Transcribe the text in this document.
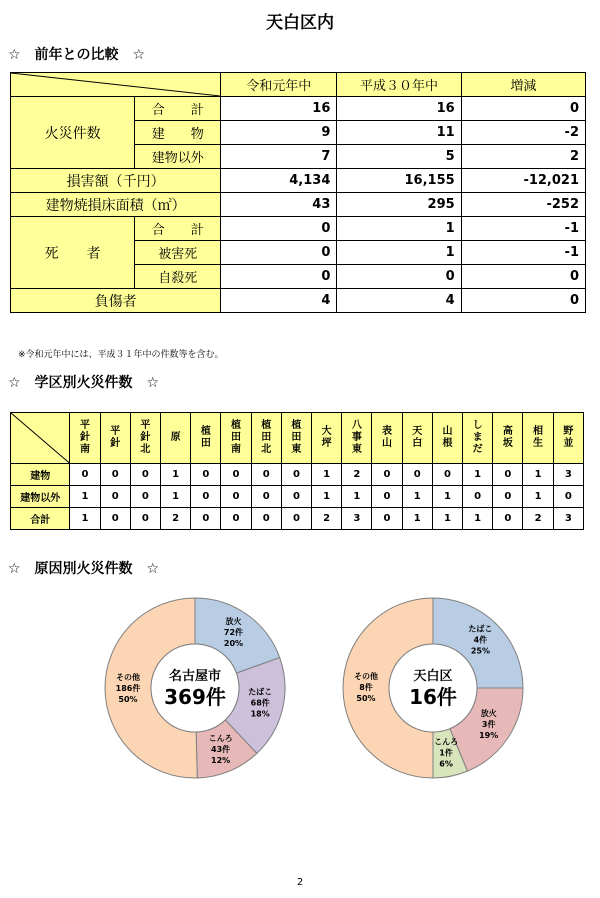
天白区内
☆　前年との比較　☆
	令和元年中	平成３０年中	増減
火災件数	合　　計	16	16	0
	建　　物	9	11	-2
	建物以外	7	5	2
損害額（千円）		4,134	16,155	-12,021
建物焼損床面積（㎡）		43	295	-252
死　　者	合　　計	0	1	-1
	被害死	0	1	-1
	自殺死	0	0	0
負傷者		4	4	0
※令和元年中には、平成３１年中の件数等を含む。
☆　学区別火災件数　☆
	平針南	平針	平針北	原	植田	植田南	植田北	植田東	大坪	八事東	表山	天白	山根	しまだ	高坂	相生	野並
建物	0	0	0	1	0	0	0	0	1	2	0	0	0	1	0	1	3
建物以外	1	0	0	1	0	0	0	0	1	1	0	1	1	0	0	1	0
合計	1	0	0	2	0	0	0	0	2	3	0	1	1	1	0	2	3
☆　原因別火災件数　☆
放火
72件
20%
たばこ
68件
18%
こんろ
43件
12%
その他
186件
50%
名古屋市
369件
たばこ
4件
25%
放火
3件
19%
こんろ
1件
6%
その他
8件
50%
天白区
16件
2
